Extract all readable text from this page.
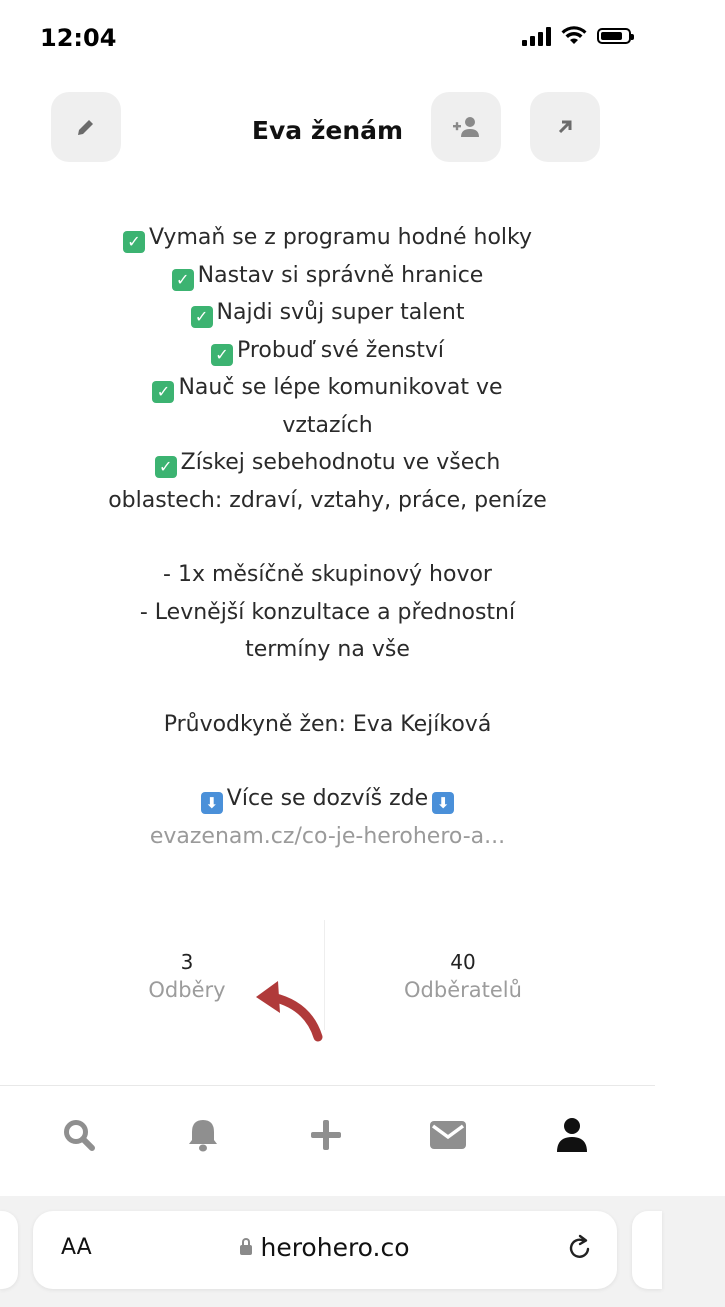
12:04
Eva ženám

✓ Vymaň se z programu hodné holky
✓ Nastav si správně hranice
✓ Najdi svůj super talent
✓ Probuď své ženství
✓ Nauč se lépe komunikovat ve
vztazích
✓ Získej sebehodnotu ve všech
oblastech: zdraví, vztahy, práce, peníze
- 1x měsíčně skupinový hovor
- Levnější konzultace a přednostní
termíny na vše
Průvodkyně žen: Eva Kejíková
⬇ Více se dozvíš zde ⬇
evazenam.cz/co-je-herohero-a...
3
Odběry
40
Odběratelů
AA	herohero.co
